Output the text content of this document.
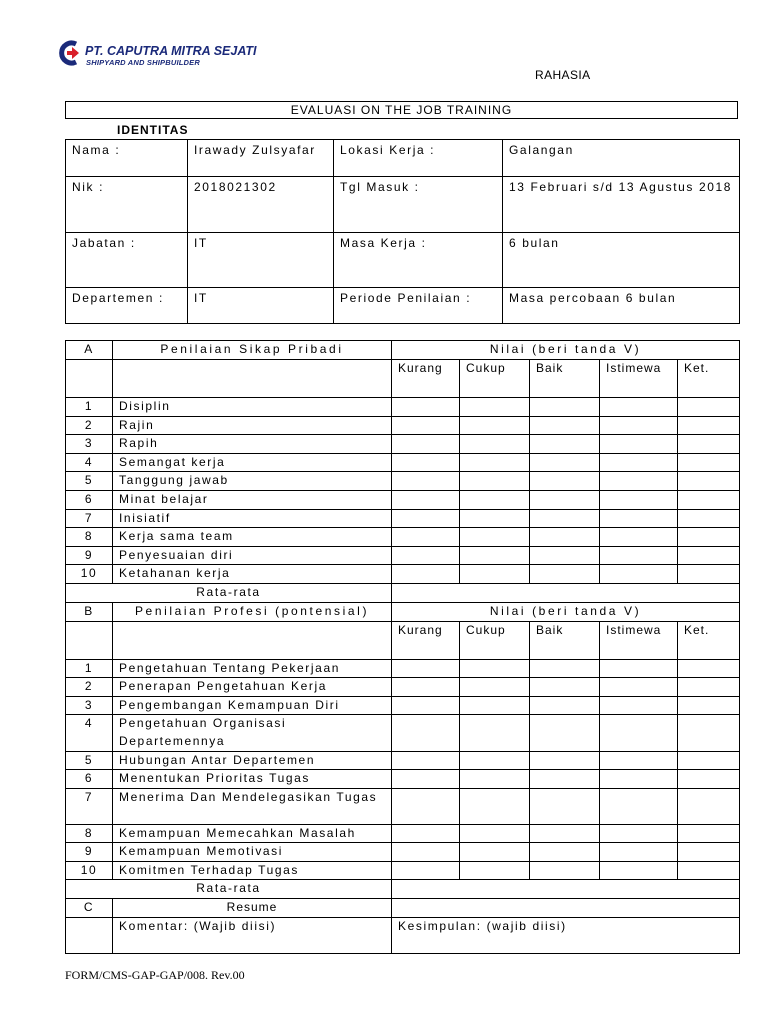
PT. CAPUTRA MITRA SEJATI
SHIPYARD AND SHIPBUILDER
RAHASIA
EVALUASI ON THE JOB TRAINING
IDENTITAS
Nama :	Irawady Zulsyafar	Lokasi Kerja :	Galangan
Nik :	2018021302	Tgl Masuk :	13 Februari s/d 13 Agustus 2018
Jabatan :	IT	Masa Kerja :	6 bulan
Departemen :	IT	Periode Penilaian :	Masa percobaan 6 bulan
A	Penilaian Sikap Pribadi	Nilai (beri tanda V)				
		Kurang	Cukup	Baik	Istimewa	Ket.
1	Disiplin					
2	Rajin					
3	Rapih					
4	Semangat kerja					
5	Tanggung jawab					
6	Minat belajar					
7	Inisiatif					
8	Kerja sama team					
9	Penyesuaian diri					
10	Ketahanan kerja					
Rata-rata						
B	Penilaian Profesi (pontensial)	Nilai (beri tanda V)				
		Kurang	Cukup	Baik	Istimewa	Ket.
1	Pengetahuan Tentang Pekerjaan					
2	Penerapan Pengetahuan Kerja					
3	Pengembangan Kemampuan Diri					
4	Pengetahuan Organisasi Departemennya					
5	Hubungan Antar Departemen					
6	Menentukan Prioritas Tugas					
7	Menerima Dan Mendelegasikan Tugas					
8	Kemampuan Memecahkan Masalah					
9	Kemampuan Memotivasi					
10	Komitmen Terhadap Tugas					
Rata-rata						
C	Resume					
	Komentar: (Wajib diisi)	Kesimpulan: (wajib diisi)				
FORM/CMS-GAP-GAP/008. Rev.00
